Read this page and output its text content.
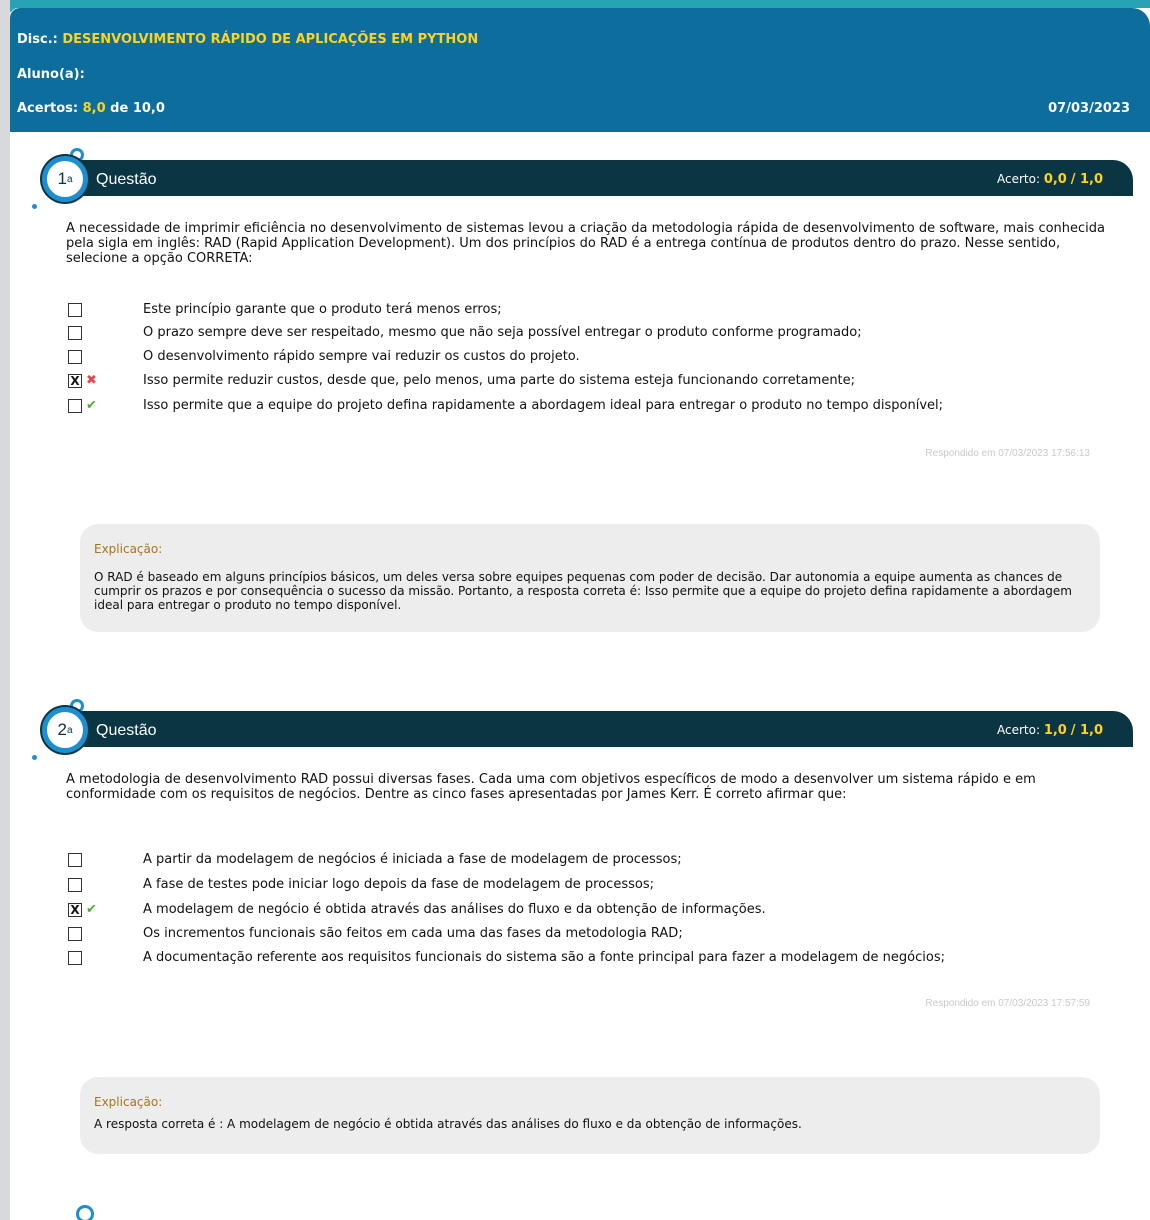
Disc.: DESENVOLVIMENTO RÁPIDO DE APLICAÇÕES EM PYTHON
Aluno(a):
Acertos: 8,0 de 10,0	07/03/2023
Questão	Acerto: 0,0 / 1,0
1 a
A necessidade de imprimir eficiência no desenvolvimento de sistemas levou a criação da metodologia rápida de desenvolvimento de software, mais conhecida pela sigla em inglês: RAD (Rapid Application Development). Um dos princípios do RAD é a entrega contínua de produtos dentro do prazo. Nesse sentido, selecione a opção CORRETA:
Este princípio garante que o produto terá menos erros;
O prazo sempre deve ser respeitado, mesmo que não seja possível entregar o produto conforme programado;
O desenvolvimento rápido sempre vai reduzir os custos do projeto.
X ✖	Isso permite reduzir custos, desde que, pelo menos, uma parte do sistema esteja funcionando corretamente;
✔	Isso permite que a equipe do projeto defina rapidamente a abordagem ideal para entregar o produto no tempo disponível;
Respondido em 07/03/2023 17:56:13
Explicação:
O RAD é baseado em alguns princípios básicos, um deles versa sobre equipes pequenas com poder de decisão. Dar autonomia a equipe aumenta as chances de cumprir os prazos e por consequência o sucesso da missão. Portanto, a resposta correta é: Isso permite que a equipe do projeto defina rapidamente a abordagem ideal para entregar o produto no tempo disponível.
Questão	Acerto: 1,0 / 1,0
2 a
A metodologia de desenvolvimento RAD possui diversas fases. Cada uma com objetivos específicos de modo a desenvolver um sistema rápido e em conformidade com os requisitos de negócios. Dentre as cinco fases apresentadas por James Kerr. É correto afirmar que:
A partir da modelagem de negócios é iniciada a fase de modelagem de processos;
A fase de testes pode iniciar logo depois da fase de modelagem de processos;
X ✔	A modelagem de negócio é obtida através das análises do fluxo e da obtenção de informações.
Os incrementos funcionais são feitos em cada uma das fases da metodologia RAD;
A documentação referente aos requisitos funcionais do sistema são a fonte principal para fazer a modelagem de negócios;
Respondido em 07/03/2023 17:57:59
Explicação:
A resposta correta é : A modelagem de negócio é obtida através das análises do fluxo e da obtenção de informações.
